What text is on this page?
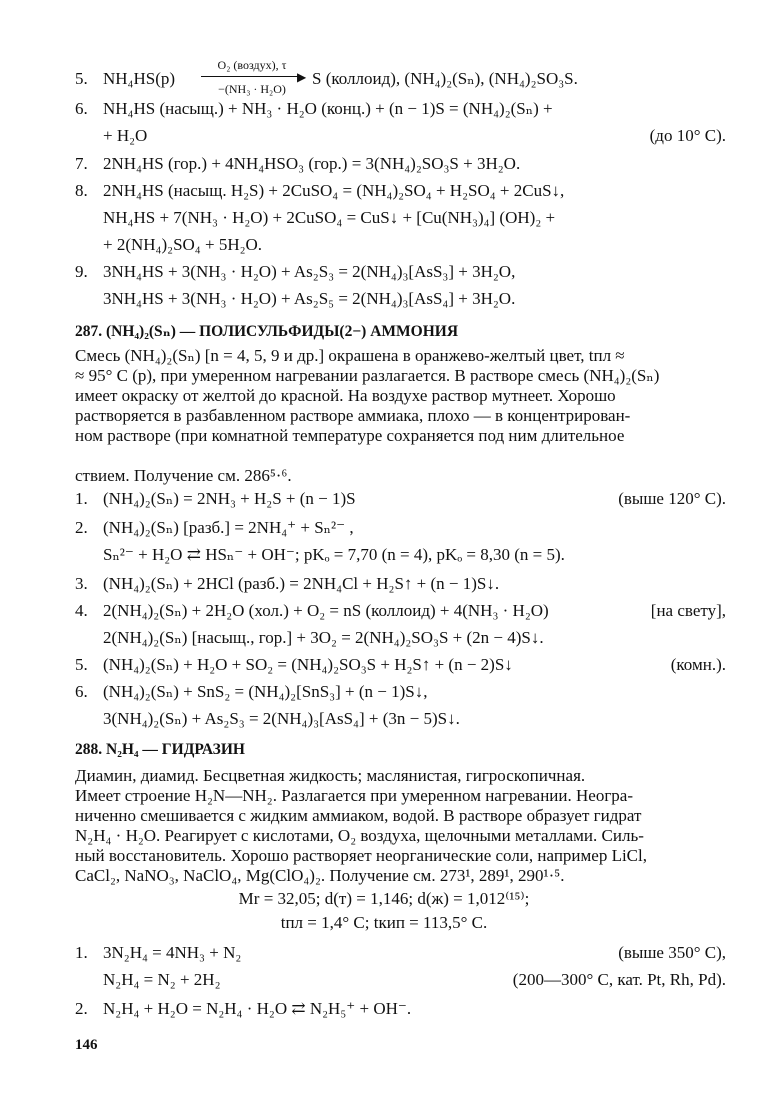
5. NH₄HS(р)	S (коллоид), (NH₄)₂(Sₙ), (NH₄)₂SO₃S.
O₂ (воздух), τ
▶
−(NH₃ · H₂O)
6. NH₄HS (насыщ.) + NH₃ · H₂O (конц.) + (n − 1)S = (NH₄)₂(Sₙ) +
+ H₂O	(до 10° C).
7. 2NH₄HS (гор.) + 4NH₄HSO₃ (гор.) = 3(NH₄)₂SO₃S + 3H₂O.
8. 2NH₄HS (насыщ. H₂S) + 2CuSO₄ = (NH₄)₂SO₄ + H₂SO₄ + 2CuS↓,
NH₄HS + 7(NH₃ · H₂O) + 2CuSO₄ = CuS↓ + [Cu(NH₃)₄] (OH)₂ +
+ 2(NH₄)₂SO₄ + 5H₂O.
9. 3NH₄HS + 3(NH₃ · H₂O) + As₂S₃ = 2(NH₄)₃[AsS₃] + 3H₂O,
3NH₄HS + 3(NH₃ · H₂O) + As₂S₅ = 2(NH₄)₃[AsS₄] + 3H₂O.
287. (NH₄)₂(Sₙ) — ПОЛИСУЛЬФИДЫ(2−) АММОНИЯ
Смесь (NH₄)₂(Sₙ) [n = 4, 5, 9 и др.] окрашена в оранжево-желтый цвет, tпл ≈
≈ 95° C (р), при умеренном нагревании разлагается. В растворе смесь (NH₄)₂(Sₙ)
имеет окраску от желтой до красной. На воздухе раствор мутнеет. Хорошо
растворяется в разбавленном растворе аммиака, плохо — в концентрирован-
ном растворе (при комнатной температуре сохраняется под ним длительное
1. (NH₄)₂(Sₙ) = 2NH₃ + H₂S + (n − 1)S	(выше 120° C).
2. (NH₄)₂(Sₙ) [разб.] = 2NH₄⁺ + Sₙ²⁻ ,
Sₙ²⁻ + H₂O ⇄ HSₙ⁻ + OH⁻; pKₒ = 7,70 (n = 4), pKₒ = 8,30 (n = 5).
3. (NH₄)₂(Sₙ) + 2HCl (разб.) = 2NH₄Cl + H₂S↑ + (n − 1)S↓.
4. 2(NH₄)₂(Sₙ) + 2H₂O (хол.) + O₂ = nS (коллоид) + 4(NH₃ · H₂O)	[на свету],
2(NH₄)₂(Sₙ) [насыщ., гор.] + 3O₂ = 2(NH₄)₂SO₃S + (2n − 4)S↓.
5. (NH₄)₂(Sₙ) + H₂O + SO₂ = (NH₄)₂SO₃S + H₂S↑ + (n − 2)S↓	(комн.).
6. (NH₄)₂(Sₙ) + SnS₂ = (NH₄)₂[SnS₃] + (n − 1)S↓,
3(NH₄)₂(Sₙ) + As₂S₃ = 2(NH₄)₃[AsS₄] + (3n − 5)S↓.
288. N₂H₄ — ГИДРАЗИН
Диамин, диамид. Бесцветная жидкость; маслянистая, гигроскопичная.
Имеет строение H₂N—NH₂. Разлагается при умеренном нагревании. Неогра-
ниченно смешивается с жидким аммиаком, водой. В растворе образует гидрат
N₂H₄ · H₂O. Реагирует с кислотами, O₂ воздуха, щелочными металлами. Силь-
ный восстановитель. Хорошо растворяет неорганические соли, например LiCl,
CaCl₂, NaNO₃, NaClO₄, Mg(ClO₄)₂. Получение см. 273¹, 289¹, 290¹·⁵.
Mr = 32,05; d(т) = 1,146; d(ж) = 1,012⁽¹⁵⁾;
1. 3N₂H₄ = 4NH₃ + N₂	(выше 350° C),
N₂H₄ = N₂ + 2H₂	(200—300° C, кат. Pt, Rh, Pd).
2. N₂H₄ + H₂O = N₂H₄ · H₂O ⇄ N₂H₅⁺ + OH⁻.
146
ствием. Получение см. 286⁵·⁶.
tпл = 1,4° C; tкип = 113,5° C.
